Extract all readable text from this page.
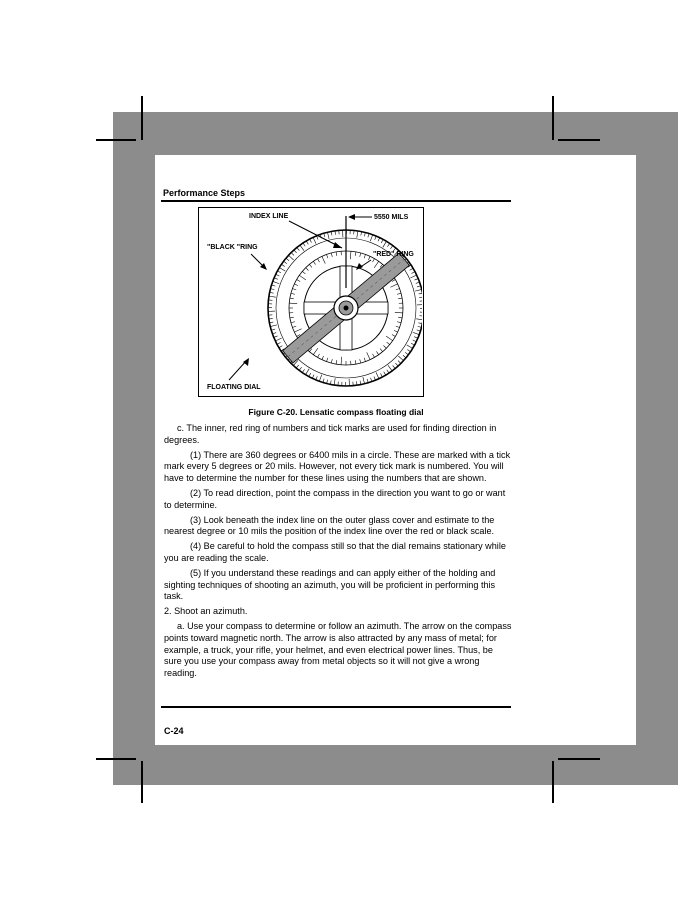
Performance Steps
INDEX LINE	5550 MILS
"BLACK "RING
"RED" RING
FLOATING DIAL
Figure C-20. Lensatic compass floating dial

c. The inner, red ring of numbers and tick marks are used for finding direction in degrees.

(1) There are 360 degrees or 6400 mils in a circle. These are marked with a tick mark every 5 degrees or 20 mils. However, not every tick mark is numbered. You will have to determine the number for these lines using the numbers that are shown.

(2) To read direction, point the compass in the direction you want to go or want to determine.

(3) Look beneath the index line on the outer glass cover and estimate to the nearest degree or 10 mils the position of the index line over the red or black scale.

(4) Be careful to hold the compass still so that the dial remains stationary while you are reading the scale.

(5) If you understand these readings and can apply either of the holding and sighting techniques of shooting an azimuth, you will be proficient in performing this task.

2. Shoot an azimuth.

a. Use your compass to determine or follow an azimuth. The arrow on the compass points toward magnetic north. The arrow is also attracted by any mass of metal; for example, a truck, your rifle, your helmet, and even electrical power lines. Thus, be sure you use your compass away from metal objects so it will not give a wrong reading.

C-24
